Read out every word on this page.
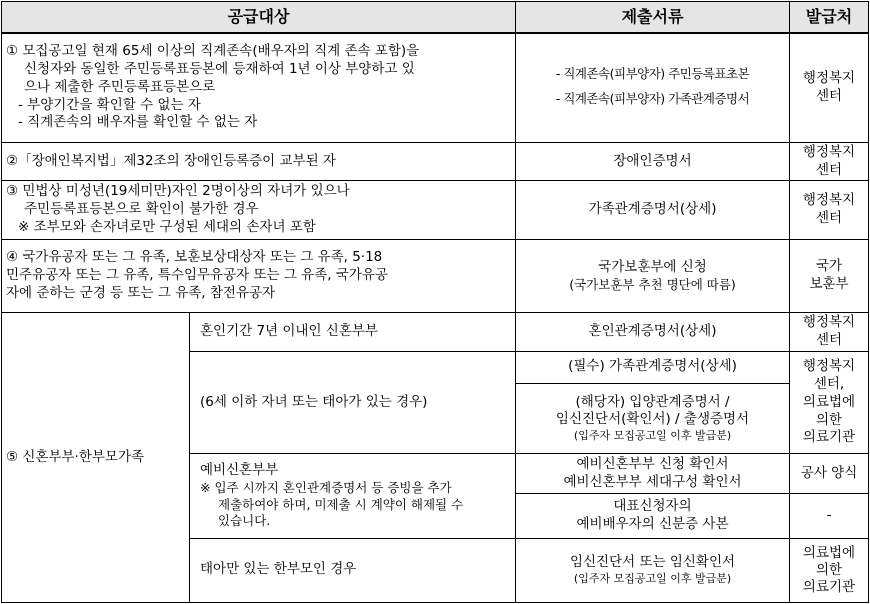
공급대상		제출서류	발급처

① 모집공고일 현재 65세 이상의 직계존속(배우자의 직계 존속 포함)을
신청자와 동일한 주민등록표등본에 등재하여 1년 이상 부양하고 있
으나 제출한 주민등록표등본으로
- 부양기간을 확인할 수 없는 자
- 직계존속의 배우자를 확인할 수 없는 자		- 직계존속(피부양자) 주민등록표초본
- 직계존속(피부양자) 가족관계증명서	행정복지
센터

②「장애인복지법」제32조의 장애인등록증이 교부된 자		장애인증명서	행정복지
센터

③ 민법상 미성년(19세미만)자인 2명이상의 자녀가 있으나
주민등록표등본으로 확인이 불가한 경우
※ 조부모와 손자녀로만 구성된 세대의 손자녀 포함		가족관계증명서(상세)	행정복지
센터

④ 국가유공자 또는 그 유족, 보훈보상대상자 또는 그 유족, 5·18
민주유공자 또는 그 유족, 특수임무유공자 또는 그 유족, 국가유공
자에 준하는 군경 등 또는 그 유족, 참전유공자		국가보훈부에 신청
(국가보훈부 추천 명단에 따름)	국가
보훈부

⑤ 신혼부부·한부모가족	혼인기간 7년 이내인 신혼부부	혼인관계증명서(상세)	행정복지
센터

	(6세 이하 자녀 또는 태아가 있는 경우)	(필수) 가족관계증명서(상세)	행정복지
센터,
의료법에
의한
의료기관

		(해당자) 입양관계증명서 /
임신진단서(확인서) / 출생증명서
(입주자 모집공고일 이후 발급분)	

	예비신혼부부
※ 입주 시까지 혼인관계증명서 등 증빙을 추가
제출하여야 하며, 미제출 시 계약이 해제될 수
있습니다.	예비신혼부부 신청 확인서
예비신혼부부 세대구성 확인서	공사 양식

		대표신청자의
예비배우자의 신분증 사본	-
	태아만 있는 한부모인 경우	임신진단서 또는 임신확인서
(입주자 모집공고일 이후 발급분)	의료법에
의한
의료기관
